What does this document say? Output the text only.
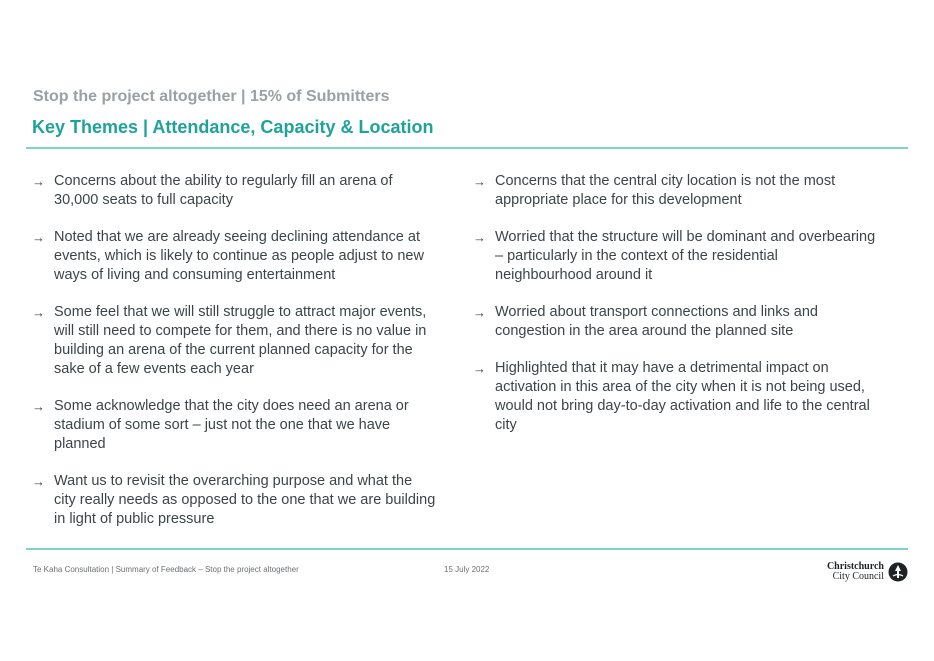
Stop the project altogether | 15% of Submitters
Key Themes | Attendance, Capacity & Location
→ Concerns about the ability to regularly fill an arena of 30,000 seats to full capacity
→ Noted that we are already seeing declining attendance at events, which is likely to continue as people adjust to new ways of living and consuming entertainment
→ Some feel that we will still struggle to attract major events, will still need to compete for them, and there is no value in building an arena of the current planned capacity for the sake of a few events each year
→ Some acknowledge that the city does need an arena or stadium of some sort – just not the one that we have planned
→ Want us to revisit the overarching purpose and what the city really needs as opposed to the one that we are building in light of public pressure
→ Concerns that the central city location is not the most appropriate place for this development
→ Worried that the structure will be dominant and overbearing – particularly in the context of the residential neighbourhood around it
→ Worried about transport connections and links and congestion in the area around the planned site
→ Highlighted that it may have a detrimental impact on activation in this area of the city when it is not being used, would not bring day-to-day activation and life to the central city
Te Kaha Consultation | Summary of Feedback – Stop the project altogether	15 July 2022	Christchurch
City Council
